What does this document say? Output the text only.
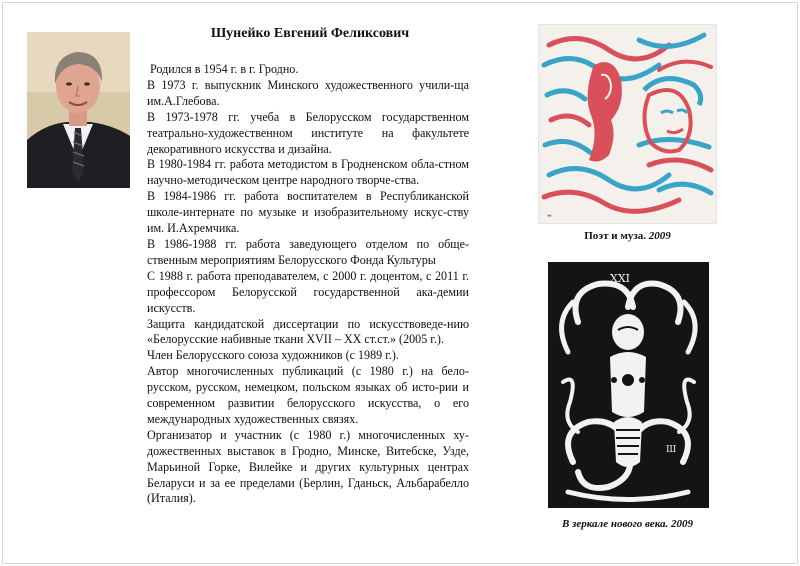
Шунейко Евгений Феликсович

Родился в 1954 г. в г. Гродно.

В 1973 г. выпускник Минского художественного учили-ща им.А.Глебова.

В 1973-1978 гг. учеба в Белорусском государственном театрально-художественном институте на факультете декоративного искусства и дизайна.

В 1980-1984 гг. работа методистом в Гродненском обла-стном научно-методическом центре народного творче-ства.

В 1984-1986 гг. работа воспитателем в Республиканской школе-интернате по музыке и изобразительному искус-ству им. И.Ахремчика.

В 1986-1988 гг. работа заведующего отделом по обще-ственным мероприятиям Белорусского Фонда Культуры

С 1988 г. работа преподавателем, с 2000 г. доцентом, с 2011 г. профессором Белорусской государственной ака-демии искусств.

Защита кандидатской диссертации по искусствоведе-нию «Белорусские набивные ткани XVII – XX ст.ст.» (2005 г.).

Член Белорусского союза художников (с 1989 г.).

Автор многочисленных публикаций (с 1980 г.) на бело-русском, русском, немецком, польском языках об исто-рии и современном развитии белорусского искусства, о его международных художественных связях.

Организатор и участник (с 1980 г.) многочисленных ху-дожественных выставок в Гродно, Минске, Витебске, Узде, Марьиной Горке, Вилейке и других культурных центрах Беларуси и за ее пределами (Берлин, Гданьск, Альбарабелло (Италия).

▬
Поэт и муза. 2009
XXI
Ш
В зеркале нового века. 2009
